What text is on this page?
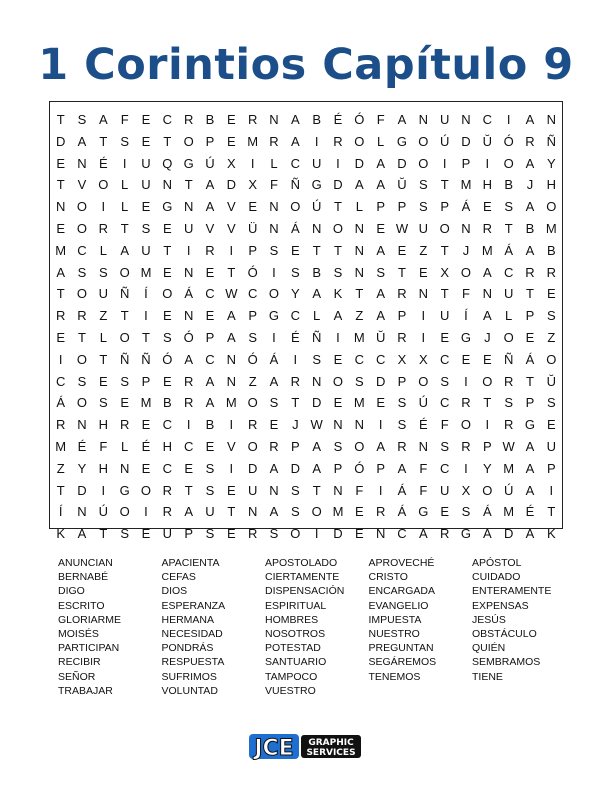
1 Corintios Capítulo 9
T	S A	F	E C R B E R N A B É Ó F	A N U N C	I	A N
D A	T	S E	T O P E M R A	I	R O L G O Ú D Ŭ Ó R Ñ
E N É	I	U Q G Ú X	I	L	C U	I	D A D O	I	P	I	O A Y
T	V O L	U N T	A D X	F Ñ G D A A Ŭ S	T M H B	J	H
N O	I	L	E G N A V E N O Ú T	L	P P S P Á E S A O
E O R T	S E U V V Ü N Á N O N E W U O N R T	B M
M C	L	A U T	I	R	I	P S E	T	T N A E	Z	T	J M Á A B
A S S O M E N E	T Ó	I	S B S N S	T	E X O A C R R
T O U Ñ	Í	O Á C W C O Y A K	T	A R N T	F N U T	E
R R Z	T	I	E N E A P G C	L	A	Z	A P	I	U	Í	A	L	P S
E	T	L O T	S Ó P A S	I	É Ñ	I	M Ŭ R	I	E G	J	O E	Z
I	O T Ñ Ñ Ó A C N Ó Á	I	S E C C X X C E E Ñ Á O
C S E S P E R A N Z	A R N O S D P O S	I	O R T Ŭ
Á O S E M B R A M O S	T D E M E S Ú C R T	S P S
R N H R E C	I	B	I	R E	J W N N	I	S É	F O	I	R G E
M É	F	L	É H C E V O R P A S O A R N S R P W A U
Z	Y H N E C E S	I	D A D A P Ó P A	F C	I	Y M A P
T D	I	G O R T	S E U N S	T N F	I	Á	F U X O Ú A	I
Í	N Ú O	I	R A U T N A S O M E R Á G E S Á M É	T
K A	T	S E U P S E R S O	I	D E N C A R G A D A K
ANUNCIAN	APACIENTA	APOSTOLADO	APROVECHÉ	APÓSTOL
BERNABÉ	CEFAS	CIERTAMENTE	CRISTO	CUIDADO
DIGO	DIOS	DISPENSACIÓN	ENCARGADA	ENTERAMENTE
ESCRITO	ESPERANZA	ESPIRITUAL	EVANGELIO	EXPENSAS
GLORIARME	HERMANA	HOMBRES	IMPUESTA	JESÚS
MOISÉS	NECESIDAD	NOSOTROS	NUESTRO	OBSTÁCULO
PARTICIPAN	PONDRÁS	POTESTAD	PREGUNTAN	QUIÉN
RECIBIR	RESPUESTA	SANTUARIO	SEGÁREMOS	SEMBRAMOS
SEÑOR	SUFRIMOS	TAMPOCO	TENEMOS	TIENE
TRABAJAR	VOLUNTAD	VUESTRO
JCE GRAPHIC
SERVICES
